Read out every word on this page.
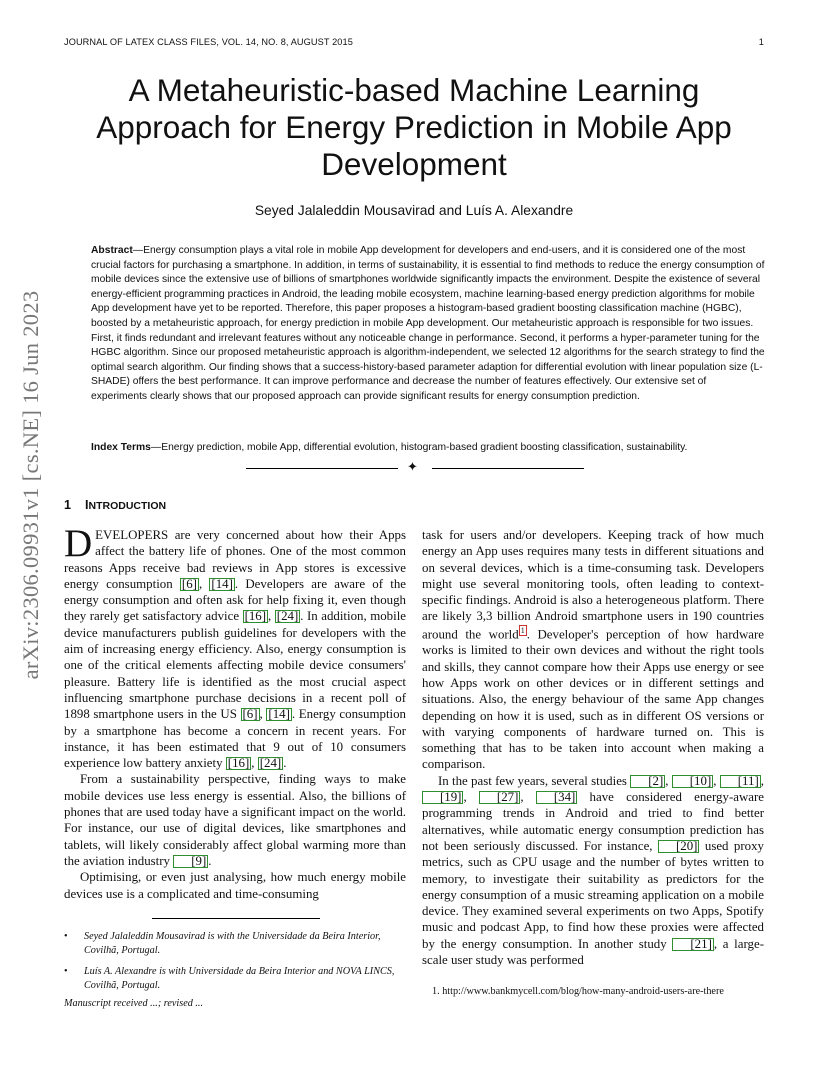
JOURNAL OF LATEX CLASS FILES, VOL. 14, NO. 8, AUGUST 2015	1
arXiv:2306.09931v1 [cs.NE] 16 Jun 2023
A Metaheuristic-based Machine Learning Approach for Energy Prediction in Mobile App Development
Seyed Jalaleddin Mousavirad and Luís A. Alexandre
Abstract—Energy consumption plays a vital role in mobile App development for developers and end-users, and it is considered one of the most crucial factors for purchasing a smartphone. In addition, in terms of sustainability, it is essential to find methods to reduce the energy consumption of mobile devices since the extensive use of billions of smartphones worldwide significantly impacts the environment. Despite the existence of several energy-efficient programming practices in Android, the leading mobile ecosystem, machine learning-based energy prediction algorithms for mobile App development have yet to be reported. Therefore, this paper proposes a histogram-based gradient boosting classification machine (HGBC), boosted by a metaheuristic approach, for energy prediction in mobile App development. Our metaheuristic approach is responsible for two issues. First, it finds redundant and irrelevant features without any noticeable change in performance. Second, it performs a hyper-parameter tuning for the HGBC algorithm. Since our proposed metaheuristic approach is algorithm-independent, we selected 12 algorithms for the search strategy to find the optimal search algorithm. Our finding shows that a success-history-based parameter adaption for differential evolution with linear population size (L-SHADE) offers the best performance. It can improve performance and decrease the number of features effectively. Our extensive set of experiments clearly shows that our proposed approach can provide significant results for energy consumption prediction.
Index Terms—Energy prediction, mobile App, differential evolution, histogram-based gradient boosting classification, sustainability.
✦
1 INTRODUCTION

DEVELOPERS are very concerned about how their Apps affect the battery life of phones. One of the most common reasons Apps receive bad reviews in App stores is excessive energy consumption [6] , [14] . Developers are aware of the energy consumption and often ask for help fixing it, even though they rarely get satisfactory advice [16] , [24] . In addition, mobile device manufacturers publish guidelines for developers with the aim of increasing energy efficiency. Also, energy consumption is one of the critical elements affecting mobile device consumers' pleasure. Battery life is identified as the most crucial aspect influencing smartphone purchase decisions in a recent poll of 1898 smartphone users in the US [6] , [14] . Energy consumption by a smartphone has become a concern in recent years. For instance, it has been estimated that 9 out of 10 consumers experience low battery anxiety [16] , [24] .

From a sustainability perspective, finding ways to make mobile devices use less energy is essential. Also, the billions of phones that are used today have a significant impact on the world. For instance, our use of digital devices, like smartphones and tablets, will likely considerably affect global warming more than the aviation industry [9] .

Optimising, or even just analysing, how much energy mobile devices use is a complicated and time-consuming

• Seyed Jalaleddin Mousavirad is with the Universidade da Beira Interior, Covilhã, Portugal.
• Luís A. Alexandre is with Universidade da Beira Interior and NOVA LINCS, Covilhã, Portugal.
Manuscript received ...; revised ...

task for users and/or developers. Keeping track of how much energy an App uses requires many tests in different situations and on several devices, which is a time-consuming task. Developers might use several monitoring tools, often leading to context-specific findings. Android is also a heterogeneous platform. There are likely 3,3 billion Android smartphone users in 190 countries around the world 1 . Developer's perception of how hardware works is limited to their own devices and without the right tools and skills, they cannot compare how their Apps use energy or see how Apps work on other devices or in different settings and situations. Also, the energy behaviour of the same App changes depending on how it is used, such as in different OS versions or with varying components of hardware turned on. This is something that has to be taken into account when making a comparison.

In the past few years, several studies [2] , [10] , [11] , [19] , [27] , [34] have considered energy-aware programming trends in Android and tried to find better alternatives, while automatic energy consumption prediction has not been seriously discussed. For instance, [20] used proxy metrics, such as CPU usage and the number of bytes written to memory, to investigate their suitability as predictors for the energy consumption of a music streaming application on a mobile device. They examined several experiments on two Apps, Spotify music and podcast App, to find how these proxies were affected by the energy consumption. In another study [21] , a large-scale user study was performed

1. http://www.bankmycell.com/blog/how-many-android-users-are-there
